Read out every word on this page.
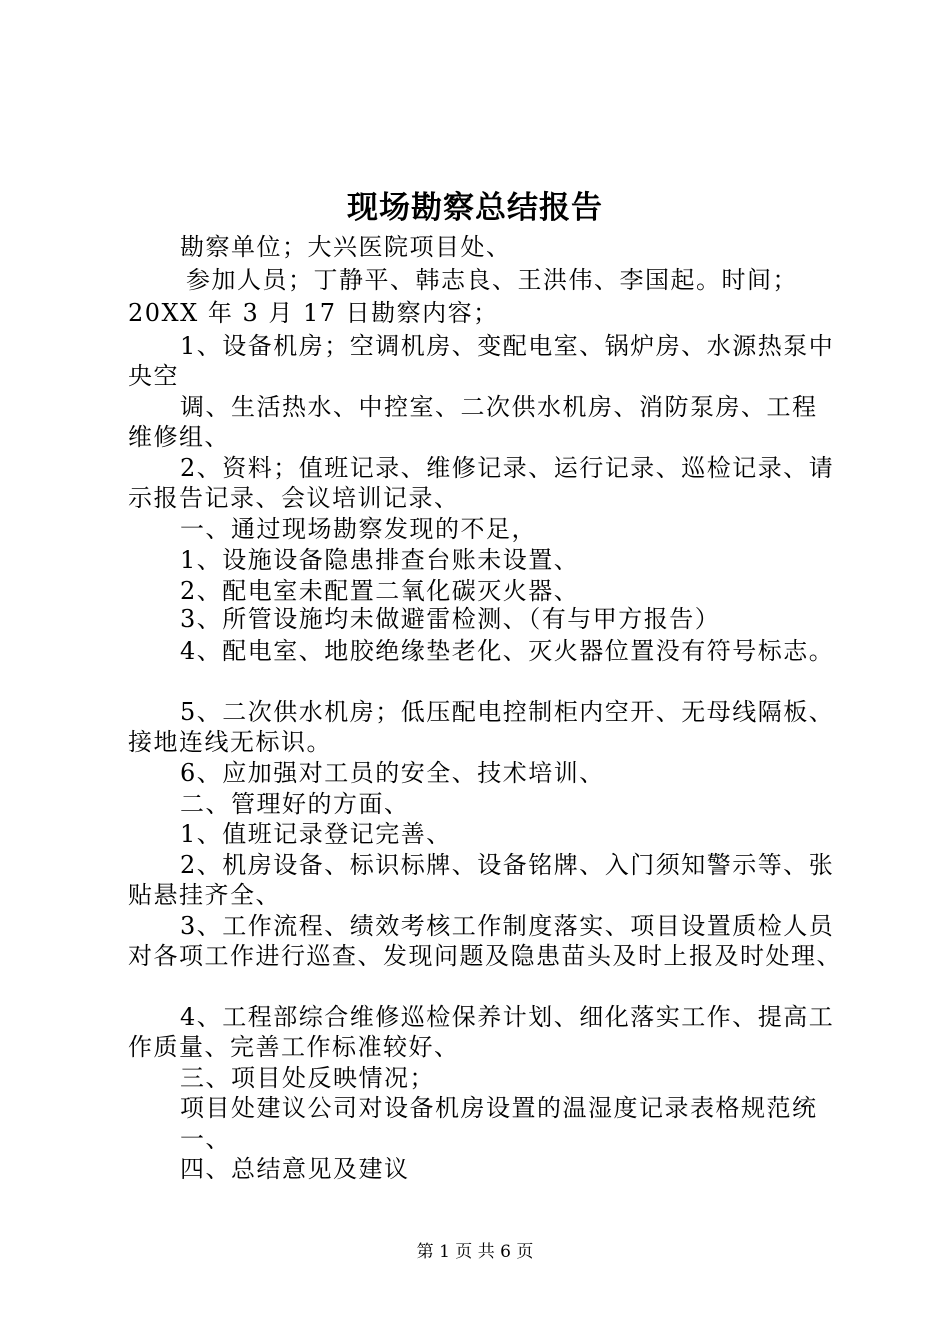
现场勘察总结报告
勘察单位；大兴医院项目处、
参加人员；丁静平、韩志良、王洪伟、李国起。时间；
20XX 年 3 月 17 日勘察内容；
1、设备机房；空调机房、变配电室、锅炉房、水源热泵中
央空
调、生活热水、中控室、二次供水机房、消防泵房、工程
维修组、
2、资料；值班记录、维修记录、运行记录、巡检记录、请
示报告记录、会议培训记录、
一、通过现场勘察发现的不足，
1、设施设备隐患排查台账未设置、
2、配电室未配置二氧化碳灭火器、
3、所管设施均未做避雷检测、（有与甲方报告）
4、配电室、地胶绝缘垫老化、灭火器位置没有符号标志。
5、二次供水机房；低压配电控制柜内空开、无母线隔板、
接地连线无标识。
6、应加强对工员的安全、技术培训、
二、管理好的方面、
1、值班记录登记完善、
2、机房设备、标识标牌、设备铭牌、入门须知警示等、张
贴悬挂齐全、
3、工作流程、绩效考核工作制度落实、项目设置质检人员
对各项工作进行巡查、发现问题及隐患苗头及时上报及时处理、
4、工程部综合维修巡检保养计划、细化落实工作、提高工
作质量、完善工作标准较好、
三、项目处反映情况；
项目处建议公司对设备机房设置的温湿度记录表格规范统
一、
四、总结意见及建议
第 1 页 共 6 页
